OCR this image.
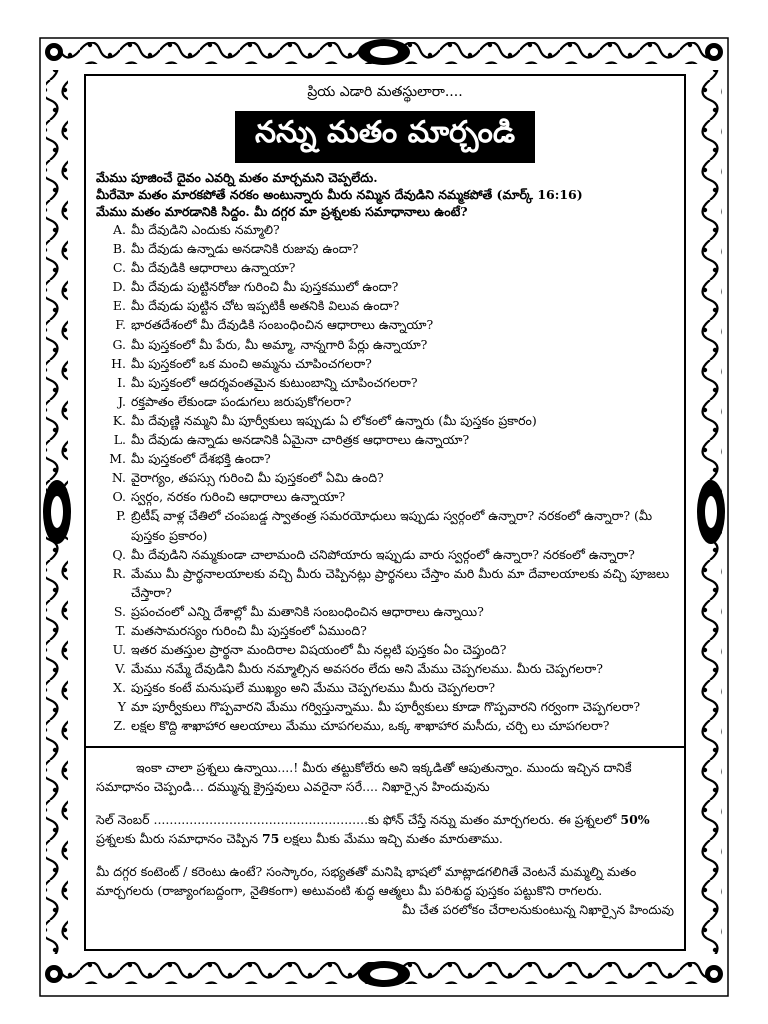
ప్రియ ఎడారి మతస్థులారా....
నన్ను మతం మార్చండి
మేము పూజించే దైవం ఎవర్ని మతం మార్చమని చెప్పలేదు.
మీరేమో మతం మారకపోతే నరకం అంటున్నారు మీరు నమ్మిన దేవుడిని నమ్మకపోతే (మార్క్ 16:16)
మేము మతం మారడానికి సిద్దం. మీ దగ్గర మా ప్రశ్నలకు సమాధానాలు ఉంటే?
A. మీ దేవుడిని ఎందుకు నమ్మాలి?
B. మీ దేవుడు ఉన్నాడు అనడానికి రుజువు ఉందా?
C. మీ దేవుడికి ఆధారాలు ఉన్నాయా?
D. మీ దేవుడు పుట్టినరోజు గురించి మీ పుస్తకములో ఉందా?
E. మీ దేవుడు పుట్టిన చోట ఇప్పటికీ అతనికి విలువ ఉందా?
F. భారతదేశంలో మీ దేవుడికి సంబంధించిన ఆధారాలు ఉన్నాయా?
G. మీ పుస్తకంలో మీ పేరు, మీ అమ్మా, నాన్నగారి పేర్లు ఉన్నాయా?
H. మీ పుస్తకంలో ఒక మంచి అమ్మను చూపించగలరా?
I. మీ పుస్తకంలో ఆదర్శవంతమైన కుటుంబాన్ని చూపించగలరా?
J. రక్తపాతం లేకుండా పండుగలు జరుపుకోగలరా?
K. మీ దేవుణ్ణి నమ్మని మీ పూర్వీకులు ఇప్పుడు ఏ లోకంలో ఉన్నారు (మీ పుస్తకం ప్రకారం)
L. మీ దేవుడు ఉన్నాడు అనడానికి ఏమైనా చారిత్రక ఆధారాలు ఉన్నాయా?
M. మీ పుస్తకంలో దేశభక్తి ఉందా?
N. వైరాగ్యం, తపస్సు గురించి మీ పుస్తకంలో ఏమి ఉంది?
O. స్వర్గం, నరకం గురించి ఆధారాలు ఉన్నాయా?
P. బ్రిటీష్ వాళ్ల చేతిలో చంపబడ్డ స్వాతంత్ర సమరయోధులు ఇప్పుడు స్వర్గంలో ఉన్నారా? నరకంలో ఉన్నారా? (మీ పుస్తకం ప్రకారం)
Q. మీ దేవుడిని నమ్మకుండా చాలామంది చనిపోయారు ఇప్పుడు వారు స్వర్గంలో ఉన్నారా? నరకంలో ఉన్నారా?
R. మేము మీ ప్రార్థనాలయాలకు వచ్చి మీరు చెప్పినట్లు ప్రార్థనలు చేస్తాం మరి మీరు మా దేవాలయాలకు వచ్చి పూజలు చేస్తారా?
S. ప్రపంచంలో ఎన్ని దేశాల్లో మీ మతానికి సంబంధించిన ఆధారాలు ఉన్నాయి?
T. మతసామరస్యం గురించి మీ పుస్తకంలో ఏముంది?
U. ఇతర మతస్తుల ప్రార్థనా మందిరాల విషయంలో మీ నల్లటి పుస్తకం ఏం చెప్తుంది?
V. మేము నమ్మే దేవుడిని మీరు నమ్మాల్సిన అవసరం లేదు అని మేము చెప్పగలము. మీరు చెప్పగలరా?
X. పుస్తకం కంటే మనుషులే ముఖ్యం అని మేము చెప్పగలము మీరు చెప్పగలరా?
Y మా పూర్వీకులు గొప్పవారని మేము గర్విస్తున్నాము. మీ పూర్వీకులు కూడా గొప్పవారని గర్వంగా చెప్పగలరా?
Z. లక్షల కొద్ది శాఖాహార ఆలయాలు మేము చూపగలము, ఒక్క శాఖాహార మసీదు, చర్చి లు చూపగలరా?

ఇంకా చాలా ప్రశ్నలు ఉన్నాయి....! మీరు తట్టుకోలేరు అని ఇక్కడితో ఆపుతున్నాం. ముందు ఇచ్చిన దానికే సమాధానం చెప్పండి... దమ్మున్న క్రైస్తవులు ఎవరైనా సరే.... నిఖార్సైన హిందువును

సెల్ నెంబర్ ......................................................కు ఫోన్ చేస్తే నన్ను మతం మార్చగలరు. ఈ ప్రశ్నలలో 50% ప్రశ్నలకు మీరు సమాధానం చెప్పిన 75 లక్షలు మీకు మేము ఇచ్చి మతం మారుతాము.

మీ దగ్గర కంటెంట్ / కరెంటు ఉంటే? సంస్కారం, సభ్యతతో మనిషి భాషలో మాట్లాడగలిగితే వెంటనే మమ్మల్ని మతం మార్చగలరు (రాజ్యాంగబద్దంగా, నైతికంగా) అటువంటి శుద్ధ ఆత్మలు మీ పరిశుద్ధ పుస్తకం పట్టుకొని రాగలరు.

మీ చేత పరలోకం చేరాలనుకుంటున్న నిఖార్సైన హిందువు
